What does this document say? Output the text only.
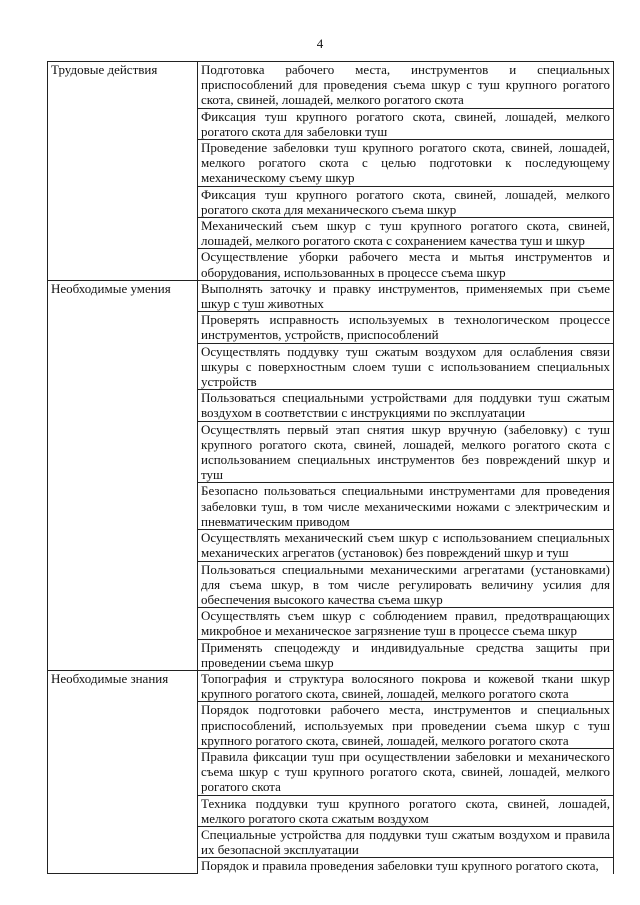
4
Трудовые действия	Подготовка рабочего места, инструментов и специальных приспособлений для проведения съема шкур с туш крупного рогатого скота, свиней, лошадей, мелкого рогатого скота
	Фиксация туш крупного рогатого скота, свиней, лошадей, мелкого рогатого скота для забеловки туш
	Проведение забеловки туш крупного рогатого скота, свиней, лошадей, мелкого рогатого скота с целью подготовки к последующему механическому съему шкур
	Фиксация туш крупного рогатого скота, свиней, лошадей, мелкого рогатого скота для механического съема шкур
	Механический съем шкур с туш крупного рогатого скота, свиней, лошадей, мелкого рогатого скота с сохранением качества туш и шкур
	Осуществление уборки рабочего места и мытья инструментов и оборудования, использованных в процессе съема шкур
Необходимые умения	Выполнять заточку и правку инструментов, применяемых при съеме шкур с туш животных
	Проверять исправность используемых в технологическом процессе инструментов, устройств, приспособлений
	Осуществлять поддувку туш сжатым воздухом для ослабления связи шкуры с поверхностным слоем туши с использованием специальных устройств
	Пользоваться специальными устройствами для поддувки туш сжатым воздухом в соответствии с инструкциями по эксплуатации
	Осуществлять первый этап снятия шкур вручную (забеловку) с туш крупного рогатого скота, свиней, лошадей, мелкого рогатого скота с использованием специальных инструментов без повреждений шкур и туш
	Безопасно пользоваться специальными инструментами для проведения забеловки туш, в том числе механическими ножами с электрическим и пневматическим приводом
	Осуществлять механический съем шкур с использованием специальных механических агрегатов (установок) без повреждений шкур и туш
	Пользоваться специальными механическими агрегатами (установками) для съема шкур, в том числе регулировать величину усилия для обеспечения высокого качества съема шкур
	Осуществлять съем шкур с соблюдением правил, предотвращающих микробное и механическое загрязнение туш в процессе съема шкур
	Применять спецодежду и индивидуальные средства защиты при проведении съема шкур
Необходимые знания	Топография и структура волосяного покрова и кожевой ткани шкур крупного рогатого скота, свиней, лошадей, мелкого рогатого скота
	Порядок подготовки рабочего места, инструментов и специальных приспособлений, используемых при проведении съема шкур с туш крупного рогатого скота, свиней, лошадей, мелкого рогатого скота
	Правила фиксации туш при осуществлении забеловки и механического съема шкур с туш крупного рогатого скота, свиней, лошадей, мелкого рогатого скота
	Техника поддувки туш крупного рогатого скота, свиней, лошадей, мелкого рогатого скота сжатым воздухом
	Специальные устройства для поддувки туш сжатым воздухом и правила их безопасной эксплуатации
	Порядок и правила проведения забеловки туш крупного рогатого скота,
